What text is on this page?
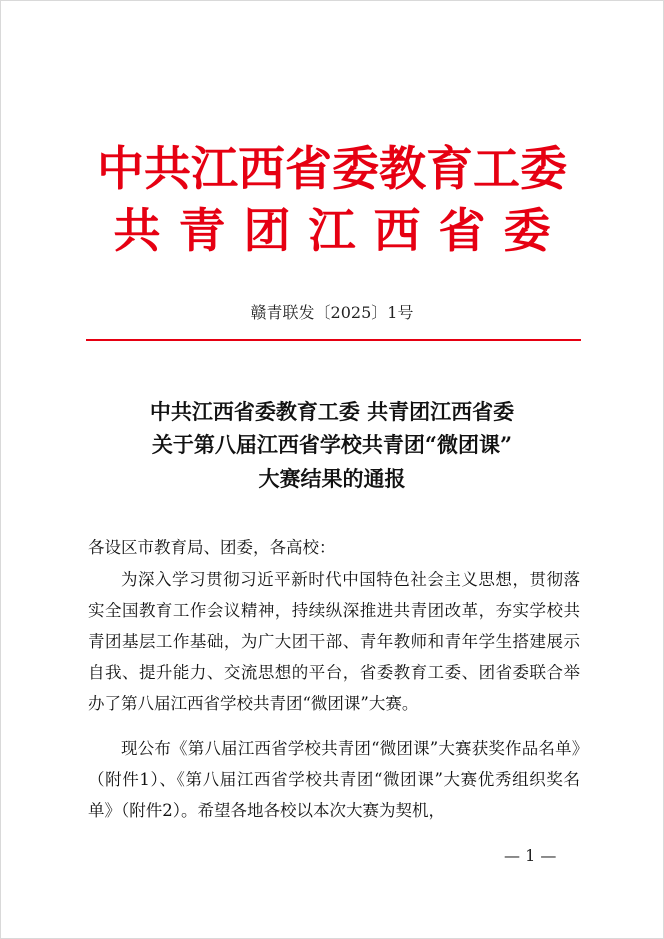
中共江西省委教育工委
共青团江西省委
赣青联发〔2025〕1号
中共江西省委教育工委 共青团江西省委
关于第八届江西省学校共青团“微团课”
大赛结果的通报
各设区市教育局、团委，各高校：
为深入学习贯彻习近平新时代中国特色社会主义思想，贯彻落实全国教育工作会议精神，持续纵深推进共青团改革，夯实学校共青团基层工作基础，为广大团干部、青年教师和青年学生搭建展示自我、提升能力、交流思想的平台，省委教育工委、团省委联合举办了第八届江西省学校共青团“微团课”大赛。
现公布《第八届江西省学校共青团“微团课”大赛获奖作品名单》（附件1）、《第八届江西省学校共青团“微团课”大赛优秀组织奖名单》（附件2）。希望各地各校以本次大赛为契机，
— 1 —
